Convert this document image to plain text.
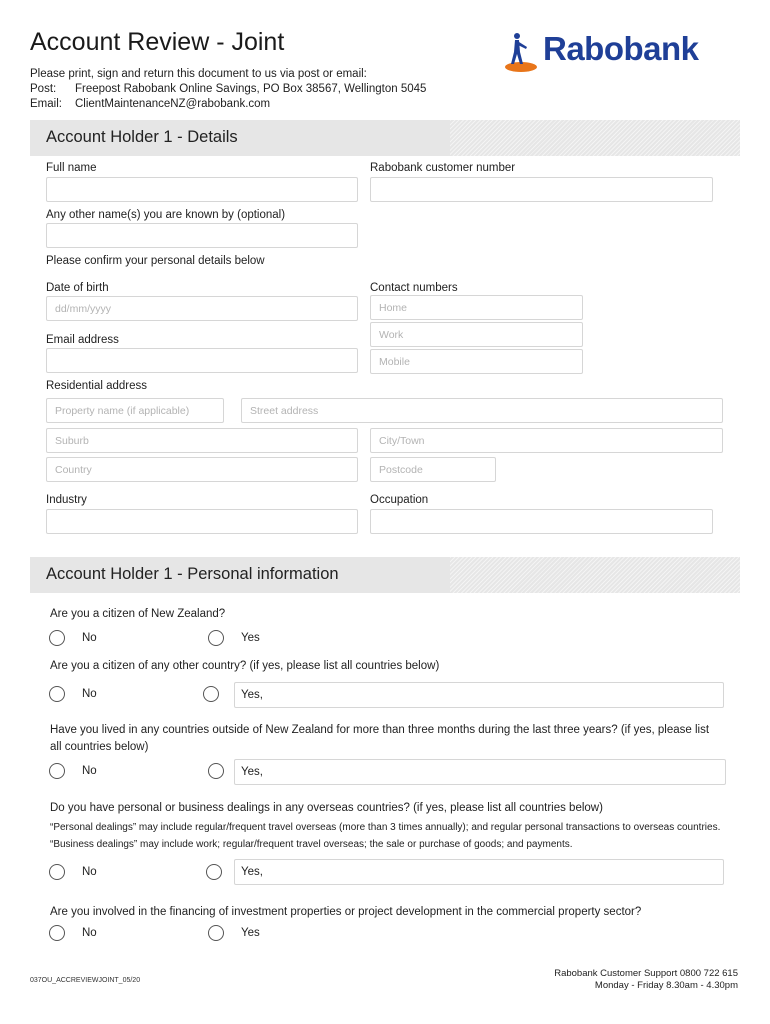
Account Review - Joint	Rabobank
Please print, sign and return this document to us via post or email:
Post: Freepost Rabobank Online Savings, PO Box 38567, Wellington 5045
Email: ClientMaintenanceNZ@rabobank.com
Account Holder 1 - Details
Full name	Rabobank customer number
Any other name(s) you are known by (optional)
Please confirm your personal details below
Date of birth
dd/mm/yyyy
Contact numbers
Home
Work
Mobile
Email address
Residential address
Property name (if applicable)	Street address
Suburb	City/Town
Country	Postcode
Industry	Occupation
Account Holder 1 - Personal information
Are you a citizen of New Zealand?
No	Yes
Are you a citizen of any other country? (if yes, please list all countries below)
No	Yes,
Have you lived in any countries outside of New Zealand for more than three months during the last three years? (if yes, please list all countries below)
No	Yes,
Do you have personal or business dealings in any overseas countries? (if yes, please list all countries below)
“Personal dealings” may include regular/frequent travel overseas (more than 3 times annually); and regular personal transactions to overseas countries. “Business dealings” may include work; regular/frequent travel overseas; the sale or purchase of goods; and payments.
No	Yes,
Are you involved in the financing of investment properties or project development in the commercial property sector?
No	Yes
037OU_ACCREVIEWJOINT_05/20
Rabobank Customer Support 0800 722 615
Monday - Friday 8.30am - 4.30pm
